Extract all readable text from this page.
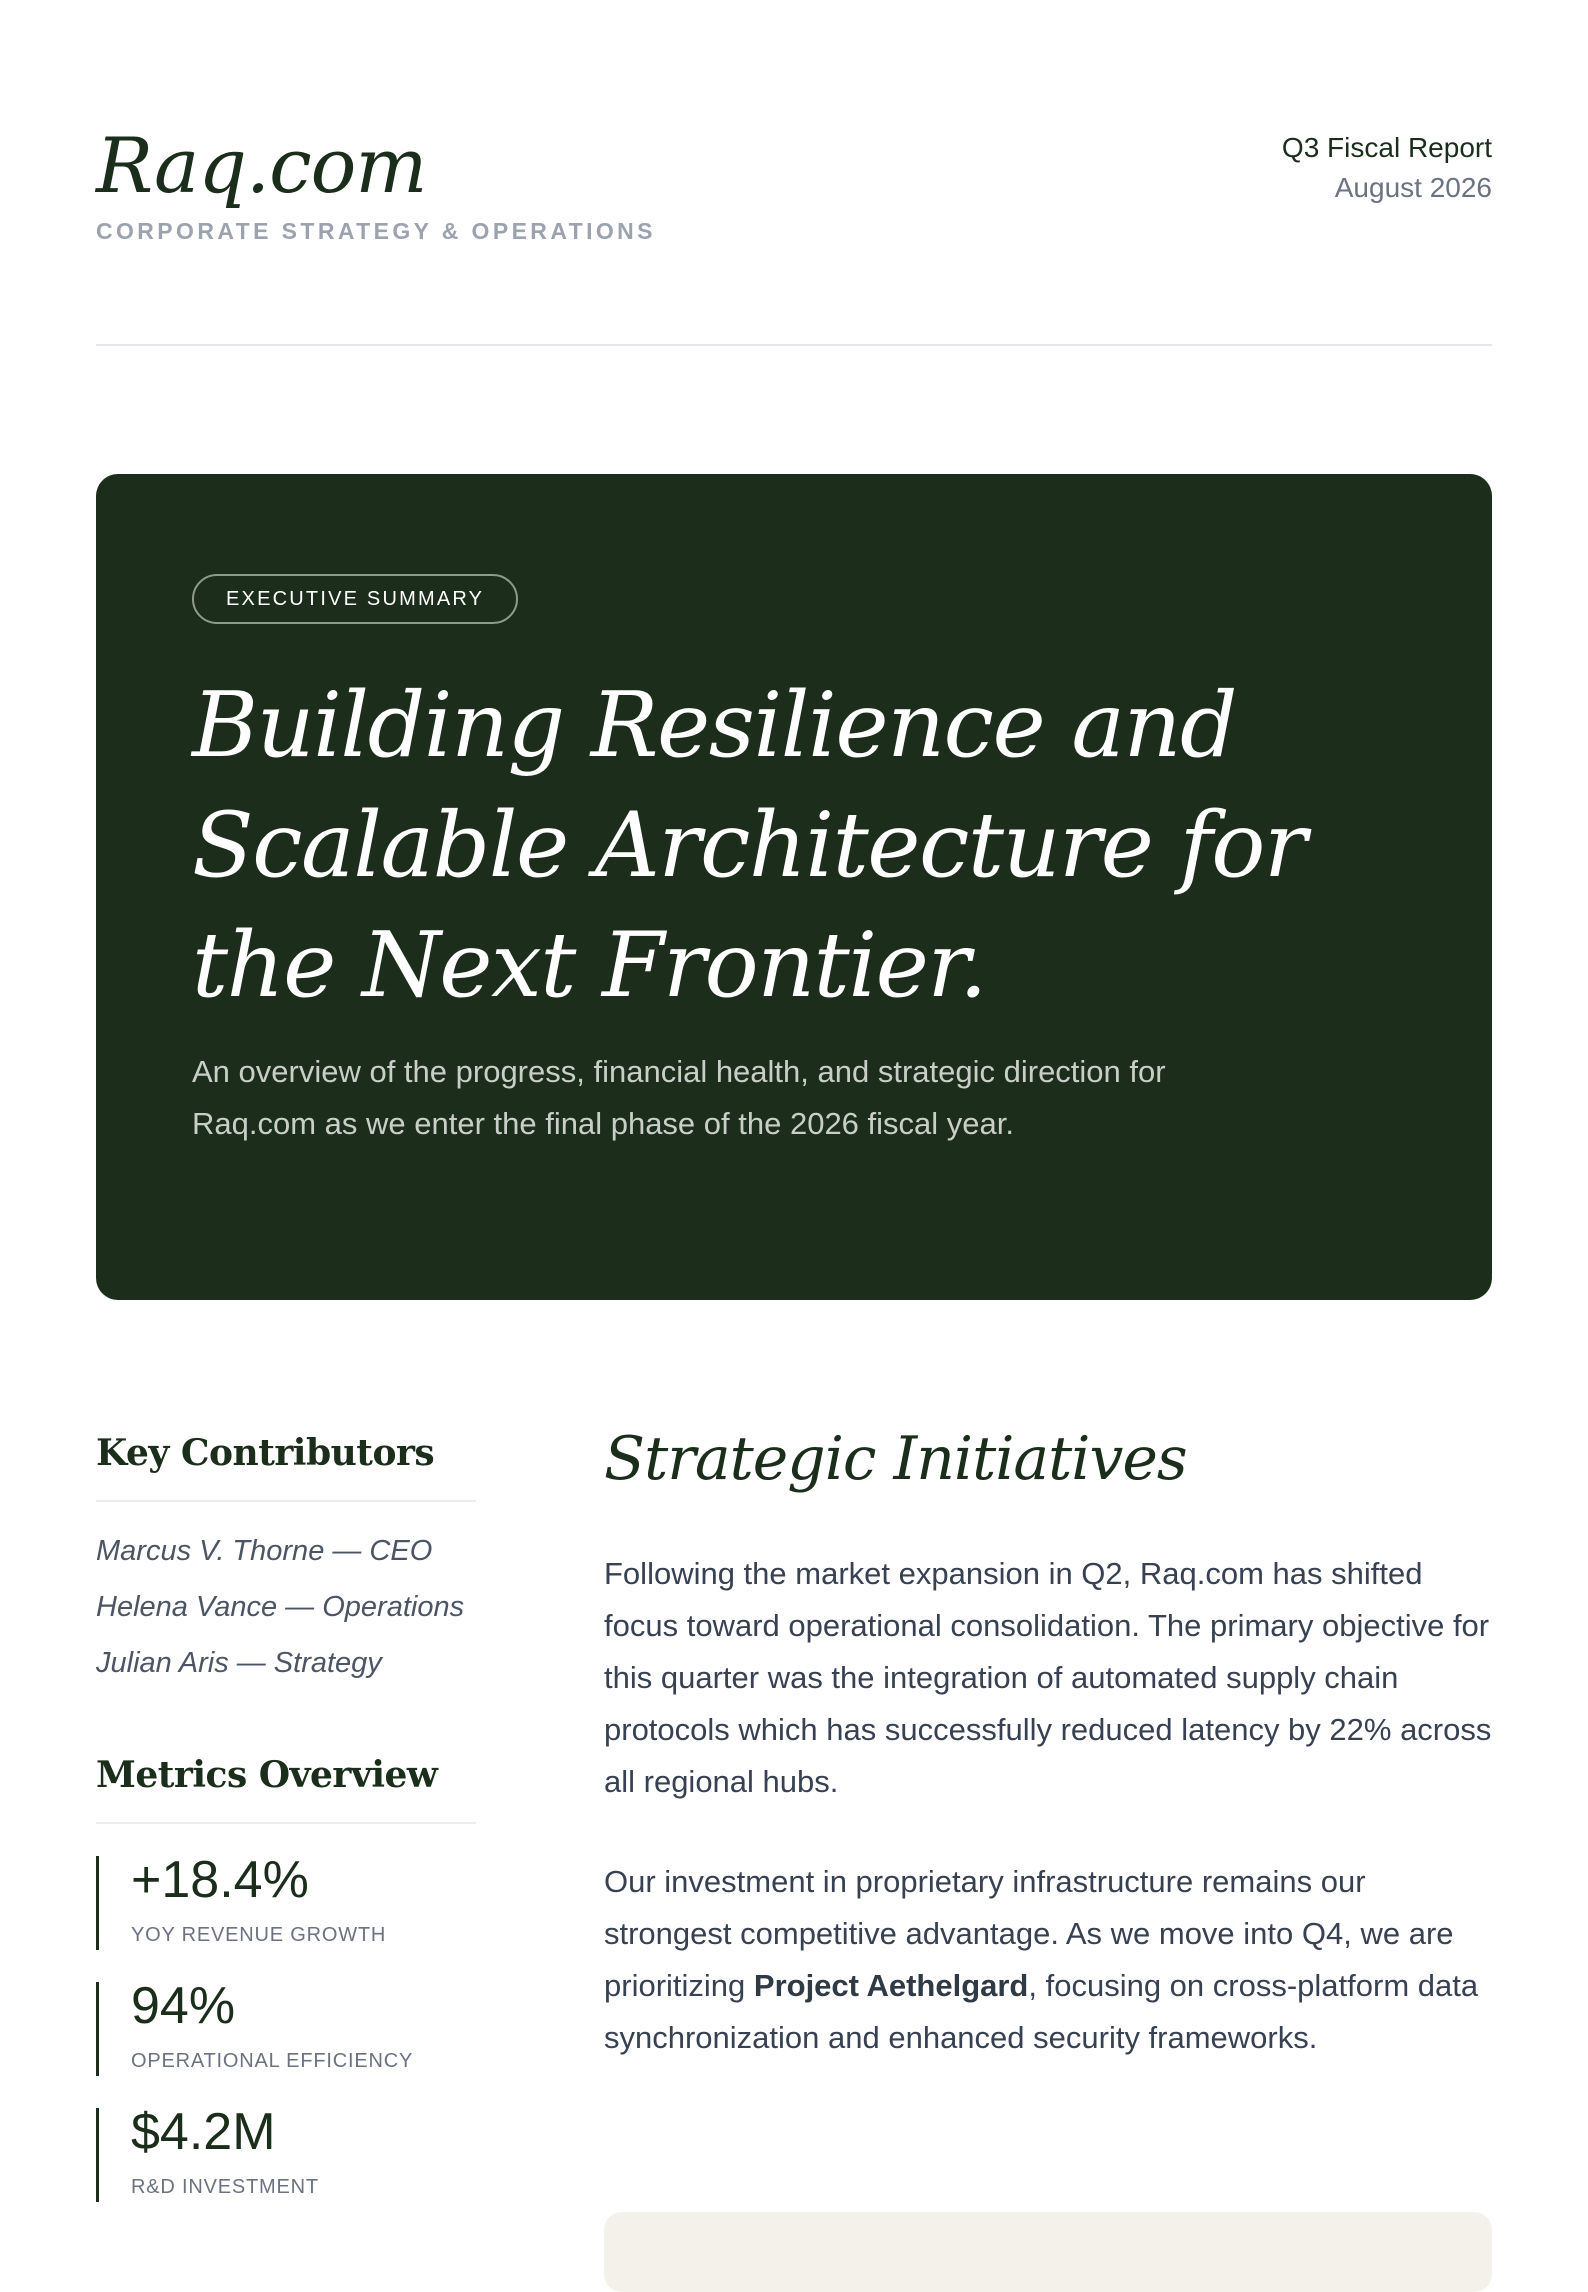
Raq.com
CORPORATE STRATEGY & OPERATIONS
Q3 Fiscal Report
August 2026
EXECUTIVE SUMMARY
Building Resilience and Scalable Architecture for the Next Frontier.

An overview of the progress, financial health, and strategic direction for Raq.com as we enter the final phase of the 2026 fiscal year.

Key Contributors

Marcus V. Thorne — CEO

Helena Vance — Operations

Julian Aris — Strategy

Metrics Overview
+18.4%
YOY REVENUE GROWTH
94%
OPERATIONAL EFFICIENCY
$4.2M
R&D INVESTMENT
Strategic Initiatives

Following the market expansion in Q2, Raq.com has shifted focus toward operational consolidation. The primary objective for this quarter was the integration of automated supply chain protocols which has successfully reduced latency by 22% across all regional hubs.

Our investment in proprietary infrastructure remains our strongest competitive advantage. As we move into Q4, we are prioritizing Project Aethelgard, focusing on cross-platform data synchronization and enhanced security frameworks.
